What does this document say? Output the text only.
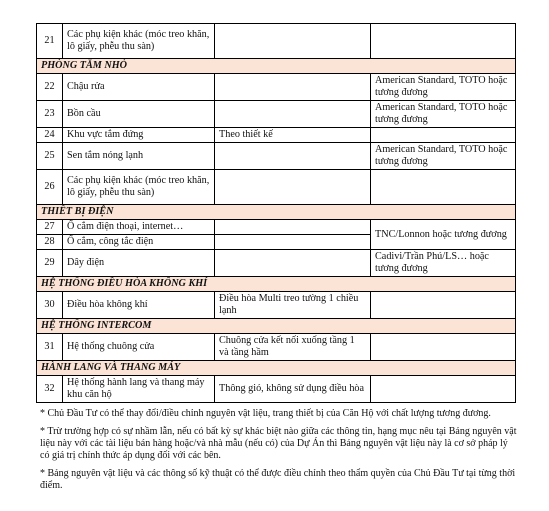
21	Các phụ kiện khác (móc treo khăn, lô giấy, phễu thu sàn)		
PHÒNG TẮM NHỎ			
22	Chậu rửa		American Standard, TOTO hoặc tương đương
23	Bồn cầu		American Standard, TOTO hoặc tương đương
24	Khu vực tắm đứng	Theo thiết kế	
25	Sen tắm nóng lạnh		American Standard, TOTO hoặc tương đương
26	Các phụ kiện khác (móc treo khăn, lô giấy, phễu thu sàn)		
THIẾT BỊ ĐIỆN			
27	Ổ cắm điện thoại, internet…		TNC/Lonnon hoặc tương đương
28	Ổ cắm, công tắc điện		
29	Dây điện		Cadivi/Trần Phú/LS… hoặc tương đương
HỆ THỐNG ĐIỀU HÒA KHÔNG KHÍ			
30	Điều hòa không khí	Điều hòa Multi treo tường 1 chiều lạnh	
HỆ THỐNG INTERCOM			
31	Hệ thống chuông cửa	Chuông cửa kết nối xuống tầng 1 và tầng hầm	
HÀNH LANG VÀ THANG MÁY			
32	Hệ thống hành lang và thang máy khu căn hộ	Thông gió, không sử dụng điều hòa	

* Chủ Đầu Tư có thể thay đổi/điều chỉnh nguyên vật liệu, trang thiết bị của Căn Hộ với chất lượng tương đương.

* Trừ trường hợp có sự nhầm lẫn, nếu có bất kỳ sự khác biệt nào giữa các thông tin, hạng mục nêu tại Bảng nguyên vật liệu này với các tài liệu bán hàng hoặc/và nhà mẫu (nếu có) của Dự Án thì Bảng nguyên vật liệu này là cơ sở pháp lý có giá trị chính thức áp dụng đối với các bên.

* Bảng nguyên vật liệu và các thông số kỹ thuật có thể được điều chỉnh theo thẩm quyền của Chủ Đầu Tư tại từng thời điểm.
